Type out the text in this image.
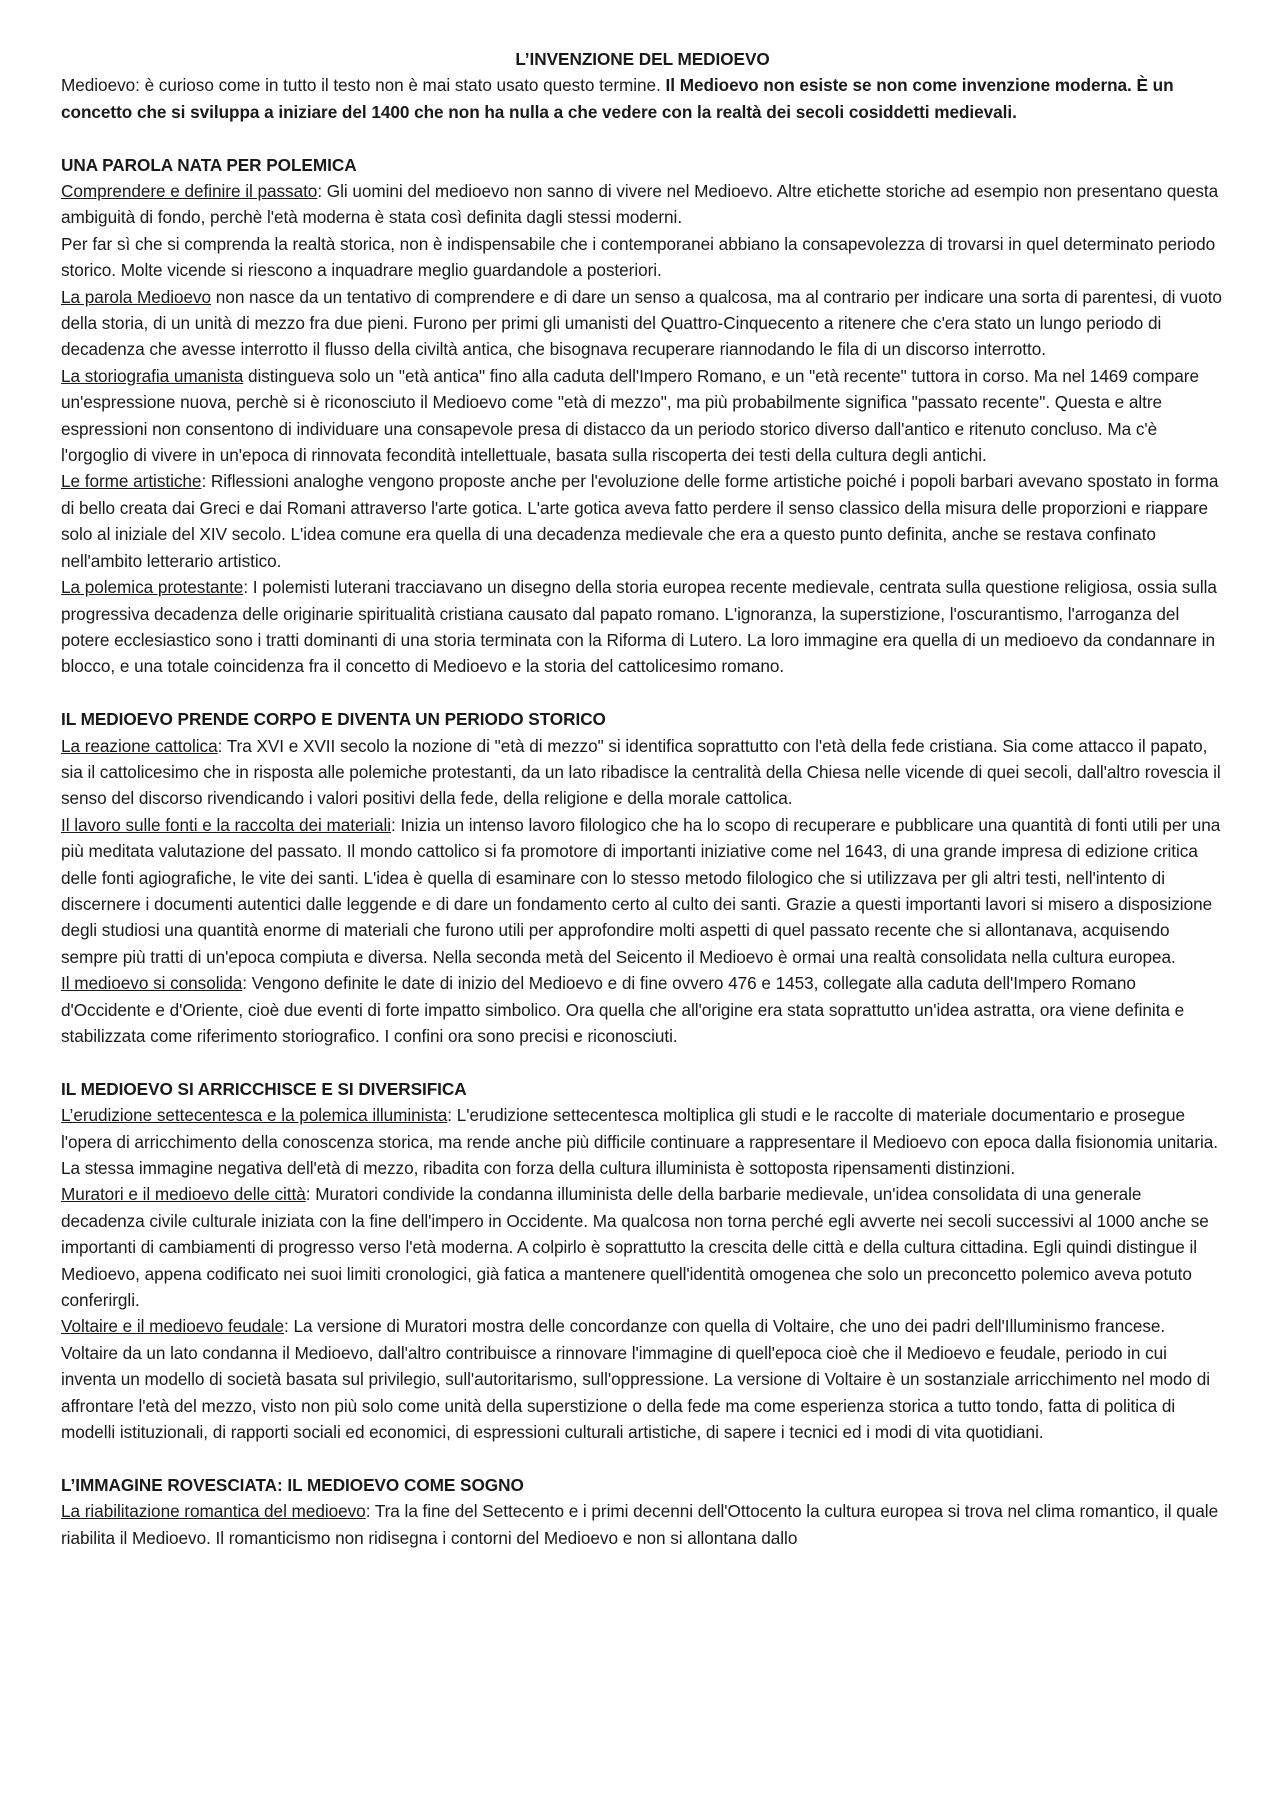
L’INVENZIONE DEL MEDIOEVO

Medioevo: è curioso come in tutto il testo non è mai stato usato questo termine. Il Medioevo non esiste se non come invenzione moderna. È un concetto che si sviluppa a iniziare del 1400 che non ha nulla a che vedere con la realtà dei secoli cosiddetti medievali.

UNA PAROLA NATA PER POLEMICA

Comprendere e definire il passato: Gli uomini del medioevo non sanno di vivere nel Medioevo. Altre etichette storiche ad esempio non presentano questa ambiguità di fondo, perchè l'età moderna è stata così definita dagli stessi moderni.

Per far sì che si comprenda la realtà storica, non è indispensabile che i contemporanei abbiano la consapevolezza di trovarsi in quel determinato periodo storico. Molte vicende si riescono a inquadrare meglio guardandole a posteriori.

La parola Medioevo non nasce da un tentativo di comprendere e di dare un senso a qualcosa, ma al contrario per indicare una sorta di parentesi, di vuoto della storia, di un unità di mezzo fra due pieni. Furono per primi gli umanisti del Quattro-Cinquecento a ritenere che c'era stato un lungo periodo di decadenza che avesse interrotto il flusso della civiltà antica, che bisognava recuperare riannodando le fila di un discorso interrotto.

La storiografia umanista distingueva solo un "età antica" fino alla caduta dell'Impero Romano, e un "età recente" tuttora in corso. Ma nel 1469 compare un'espressione nuova, perchè si è riconosciuto il Medioevo come "età di mezzo", ma più probabilmente significa "passato recente". Questa e altre espressioni non consentono di individuare una consapevole presa di distacco da un periodo storico diverso dall'antico e ritenuto concluso. Ma c'è l'orgoglio di vivere in un'epoca di rinnovata fecondità intellettuale, basata sulla riscoperta dei testi della cultura degli antichi.

Le forme artistiche: Riflessioni analoghe vengono proposte anche per l'evoluzione delle forme artistiche poiché i popoli barbari avevano spostato in forma di bello creata dai Greci e dai Romani attraverso l'arte gotica. L'arte gotica aveva fatto perdere il senso classico della misura delle proporzioni e riappare solo al iniziale del XIV secolo. L'idea comune era quella di una decadenza medievale che era a questo punto definita, anche se restava confinato nell'ambito letterario artistico.

La polemica protestante: I polemisti luterani tracciavano un disegno della storia europea recente medievale, centrata sulla questione religiosa, ossia sulla progressiva decadenza delle originarie spiritualità cristiana causato dal papato romano. L'ignoranza, la superstizione, l'oscurantismo, l'arroganza del potere ecclesiastico sono i tratti dominanti di una storia terminata con la Riforma di Lutero. La loro immagine era quella di un medioevo da condannare in blocco, e una totale coincidenza fra il concetto di Medioevo e la storia del cattolicesimo romano.

IL MEDIOEVO PRENDE CORPO E DIVENTA UN PERIODO STORICO

La reazione cattolica: Tra XVI e XVII secolo la nozione di "età di mezzo" si identifica soprattutto con l'età della fede cristiana. Sia come attacco il papato, sia il cattolicesimo che in risposta alle polemiche protestanti, da un lato ribadisce la centralità della Chiesa nelle vicende di quei secoli, dall'altro rovescia il senso del discorso rivendicando i valori positivi della fede, della religione e della morale cattolica.

Il lavoro sulle fonti e la raccolta dei materiali: Inizia un intenso lavoro filologico che ha lo scopo di recuperare e pubblicare una quantità di fonti utili per una più meditata valutazione del passato. Il mondo cattolico si fa promotore di importanti iniziative come nel 1643, di una grande impresa di edizione critica delle fonti agiografiche, le vite dei santi. L'idea è quella di esaminare con lo stesso metodo filologico che si utilizzava per gli altri testi, nell'intento di discernere i documenti autentici dalle leggende e di dare un fondamento certo al culto dei santi. Grazie a questi importanti lavori si misero a disposizione degli studiosi una quantità enorme di materiali che furono utili per approfondire molti aspetti di quel passato recente che si allontanava, acquisendo sempre più tratti di un'epoca compiuta e diversa. Nella seconda metà del Seicento il Medioevo è ormai una realtà consolidata nella cultura europea.

Il medioevo si consolida: Vengono definite le date di inizio del Medioevo e di fine ovvero 476 e 1453, collegate alla caduta dell'Impero Romano d'Occidente e d'Oriente, cioè due eventi di forte impatto simbolico. Ora quella che all'origine era stata soprattutto un'idea astratta, ora viene definita e stabilizzata come riferimento storiografico. I confini ora sono precisi e riconosciuti.

IL MEDIOEVO SI ARRICCHISCE E SI DIVERSIFICA

L’erudizione settecentesca e la polemica illuminista: L'erudizione settecentesca moltiplica gli studi e le raccolte di materiale documentario e prosegue l'opera di arricchimento della conoscenza storica, ma rende anche più difficile continuare a rappresentare il Medioevo con epoca dalla fisionomia unitaria. La stessa immagine negativa dell'età di mezzo, ribadita con forza della cultura illuminista è sottoposta ripensamenti distinzioni.

Muratori e il medioevo delle città: Muratori condivide la condanna illuminista delle della barbarie medievale, un'idea consolidata di una generale decadenza civile culturale iniziata con la fine dell'impero in Occidente. Ma qualcosa non torna perché egli avverte nei secoli successivi al 1000 anche se importanti di cambiamenti di progresso verso l'età moderna. A colpirlo è soprattutto la crescita delle città e della cultura cittadina. Egli quindi distingue il Medioevo, appena codificato nei suoi limiti cronologici, già fatica a mantenere quell'identità omogenea che solo un preconcetto polemico aveva potuto conferirgli.

Voltaire e il medioevo feudale: La versione di Muratori mostra delle concordanze con quella di Voltaire, che uno dei padri dell'Illuminismo francese. Voltaire da un lato condanna il Medioevo, dall'altro contribuisce a rinnovare l'immagine di quell'epoca cioè che il Medioevo e feudale, periodo in cui inventa un modello di società basata sul privilegio, sull'autoritarismo, sull'oppressione. La versione di Voltaire è un sostanziale arricchimento nel modo di affrontare l'età del mezzo, visto non più solo come unità della superstizione o della fede ma come esperienza storica a tutto tondo, fatta di politica di modelli istituzionali, di rapporti sociali ed economici, di espressioni culturali artistiche, di sapere i tecnici ed i modi di vita quotidiani.

L’IMMAGINE ROVESCIATA: IL MEDIOEVO COME SOGNO

La riabilitazione romantica del medioevo: Tra la fine del Settecento e i primi decenni dell'Ottocento la cultura europea si trova nel clima romantico, il quale riabilita il Medioevo. Il romanticismo non ridisegna i contorni del Medioevo e non si allontana dallo
